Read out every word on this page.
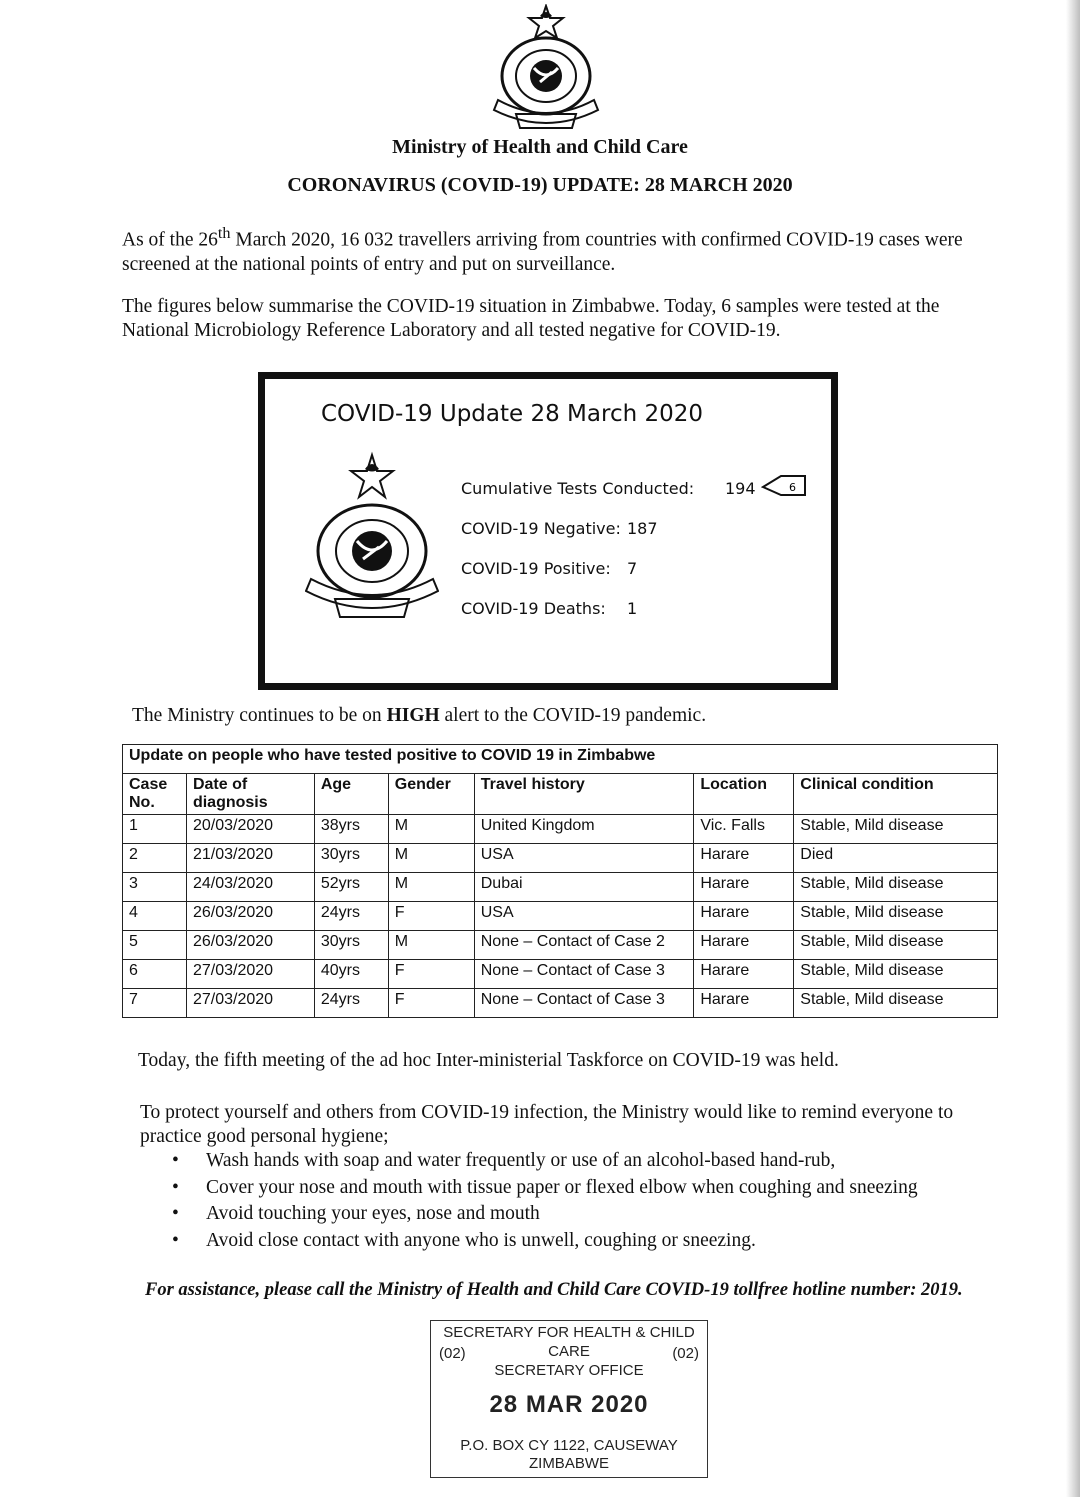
Ministry of Health and Child Care
CORONAVIRUS (COVID-19) UPDATE: 28 MARCH 2020
As of the 26th March 2020, 16 032 travellers arriving from countries with confirmed COVID-19 cases were screened at the national points of entry and put on surveillance.
The figures below summarise the COVID-19 situation in Zimbabwe. Today, 6 samples were tested at the National Microbiology Reference Laboratory and all tested negative for COVID-19.
COVID-19 Update 28 March 2020
Cumulative Tests Conducted: 194	6
COVID-19 Negative: 187
COVID-19 Positive: 7
COVID-19 Deaths: 1
The Ministry continues to be on HIGH alert to the COVID-19 pandemic.
Update on people who have tested positive to COVID 19 in Zimbabwe						
Case No.	Date of diagnosis	Age	Gender	Travel history	Location	Clinical condition
1	20/03/2020	38yrs	M	United Kingdom	Vic. Falls	Stable, Mild disease
2	21/03/2020	30yrs	M	USA	Harare	Died
3	24/03/2020	52yrs	M	Dubai	Harare	Stable, Mild disease
4	26/03/2020	24yrs	F	USA	Harare	Stable, Mild disease
5	26/03/2020	30yrs	M	None – Contact of Case 2	Harare	Stable, Mild disease
6	27/03/2020	40yrs	F	None – Contact of Case 3	Harare	Stable, Mild disease
7	27/03/2020	24yrs	F	None – Contact of Case 3	Harare	Stable, Mild disease
Today, the fifth meeting of the ad hoc Inter-ministerial Taskforce on COVID-19 was held.
To protect yourself and others from COVID-19 infection, the Ministry would like to remind everyone to practice good personal hygiene;
• Wash hands with soap and water frequently or use of an alcohol-based hand-rub,
• Cover your nose and mouth with tissue paper or flexed elbow when coughing and sneezing
• Avoid touching your eyes, nose and mouth
• Avoid close contact with anyone who is unwell, coughing or sneezing.
For assistance, please call the Ministry of Health and Child Care COVID-19 tollfree hotline number: 2019.
SECRETARY FOR HEALTH & CHILD
CARE
(02)	(02)
SECRETARY OFFICE
28 MAR 2020
P.O. BOX CY 1122, CAUSEWAY
ZIMBABWE
